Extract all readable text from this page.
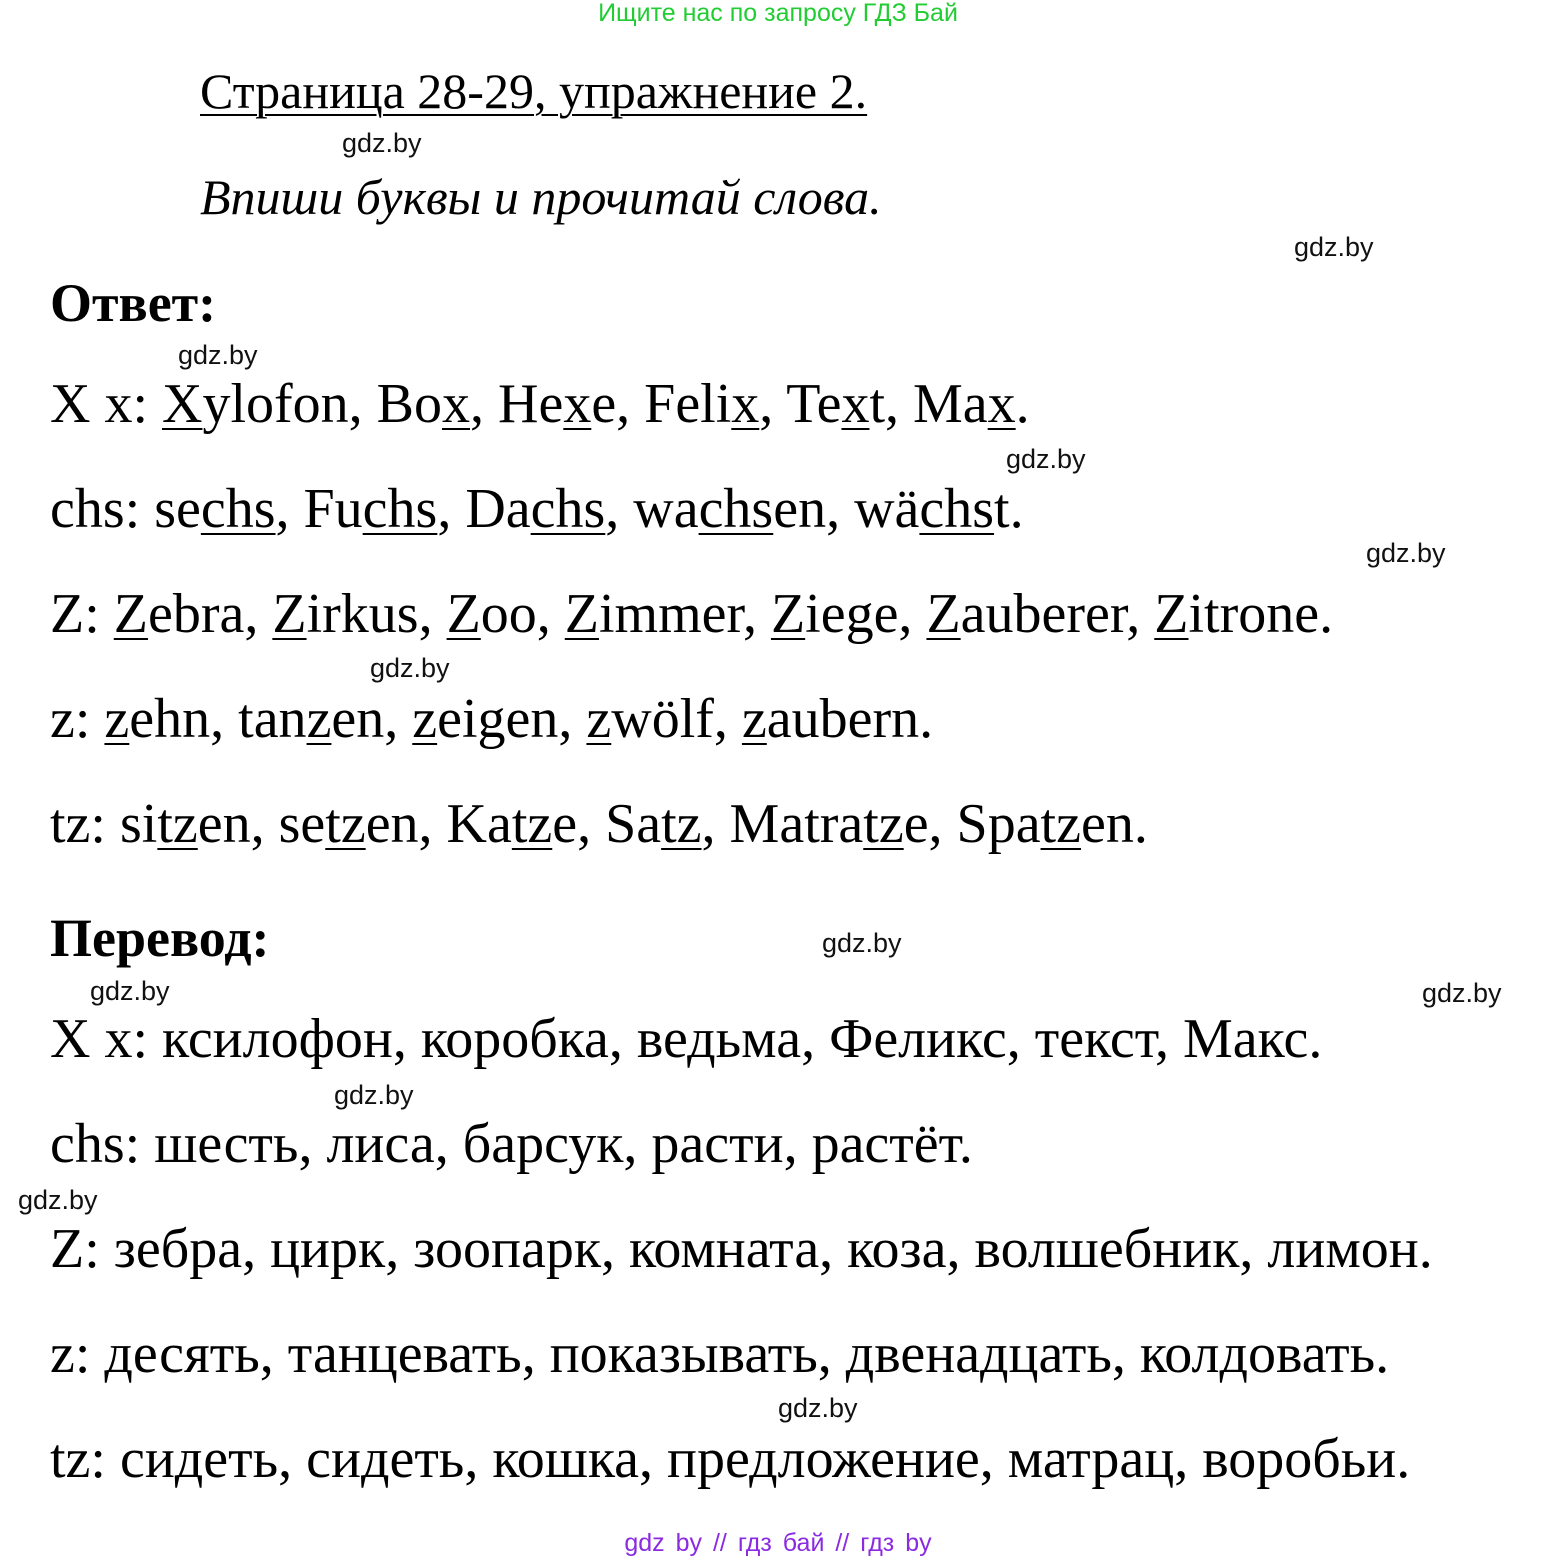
Ищите нас по запросу ГДЗ Бай
Страница 28-29, упражнение 2.
Впиши буквы и прочитай слова.
Ответ:
X x: Xylofon, Box, Hexe, Felix, Text, Max.
chs: sechs, Fuchs, Dachs, wachsen, wächst.
Z: Zebra, Zirkus, Zoo, Zimmer, Ziege, Zauberer, Zitrone.
z: zehn, tanzen, zeigen, zwölf, zaubern.
tz: sitzen, setzen, Katze, Satz, Matratze, Spatzen.
Перевод:
X x: ксилофон, коробка, ведьма, Феликс, текст, Макс.
chs: шесть, лиса, барсук, расти, растёт.
Z: зебра, цирк, зоопарк, комната, коза, волшебник, лимон.
z: десять, танцевать, показывать, двенадцать, колдовать.
tz: сидеть, сидеть, кошка, предложение, матрац, воробьи.
gdz.by
gdz.by
gdz.by
gdz.by
gdz.by
gdz.by
gdz.by
gdz.by	gdz.by
gdz.by
gdz.by
gdz.by
gdz by // гдз бай // гдз by
